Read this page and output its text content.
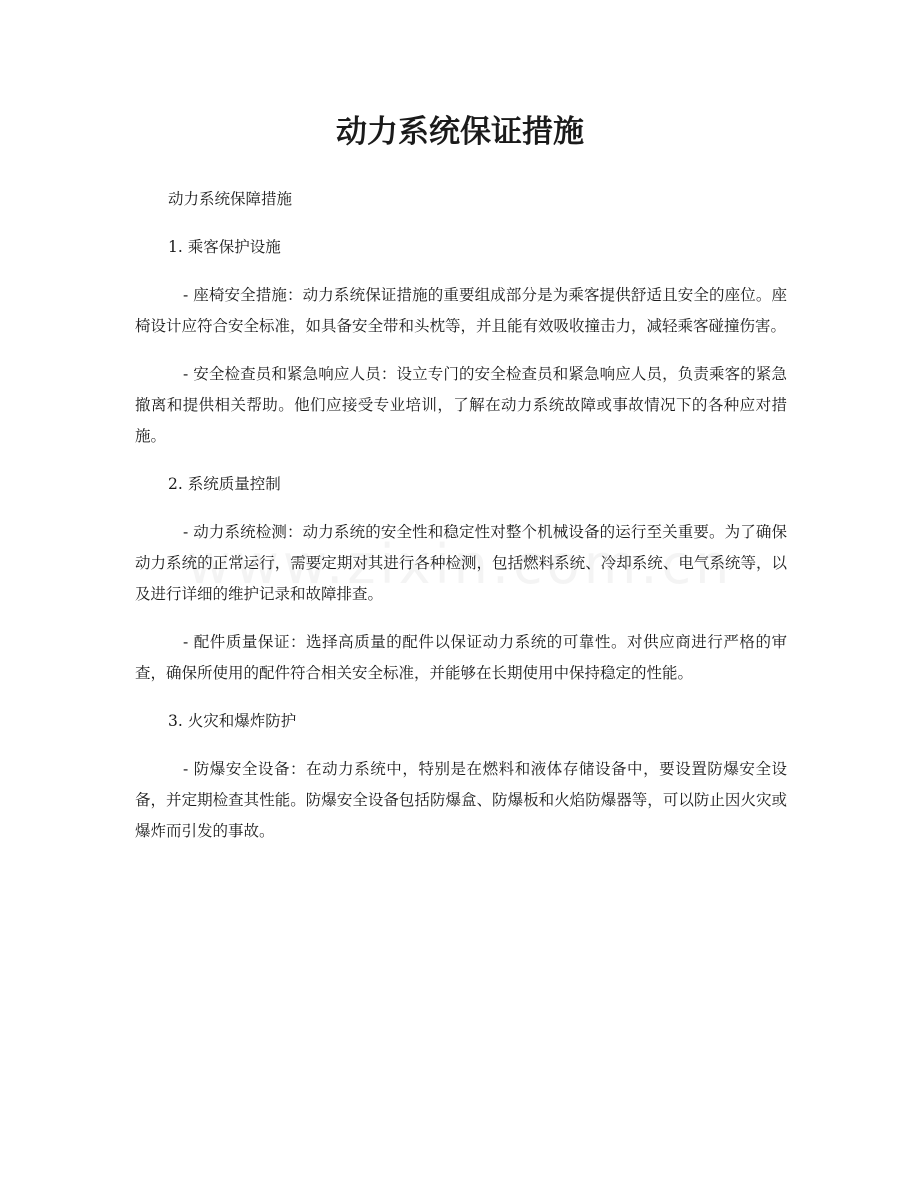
动力系统保证措施

动力系统保障措施

1. 乘客保护设施

- 座椅安全措施：动力系统保证措施的重要组成部分是为乘客提供舒适且安全的座位。座椅设计应符合安全标准，如具备安全带和头枕等，并且能有效吸收撞击力，减轻乘客碰撞伤害。

- 安全检查员和紧急响应人员：设立专门的安全检查员和紧急响应人员，负责乘客的紧急撤离和提供相关帮助。他们应接受专业培训，了解在动力系统故障或事故情况下的各种应对措施。

2. 系统质量控制

- 动力系统检测：动力系统的安全性和稳定性对整个机械设备的运行至关重要。为了确保动力系统的正常运行，需要定期对其进行各种检测，包括燃料系统、冷却系统、电气系统等，以及进行详细的维护记录和故障排查。

- 配件质量保证：选择高质量的配件以保证动力系统的可靠性。对供应商进行严格的审查，确保所使用的配件符合相关安全标准，并能够在长期使用中保持稳定的性能。

3. 火灾和爆炸防护

- 防爆安全设备：在动力系统中，特别是在燃料和液体存储设备中，要设置防爆安全设备，并定期检查其性能。防爆安全设备包括防爆盒、防爆板和火焰防爆器等，可以防止因火灾或爆炸而引发的事故。
